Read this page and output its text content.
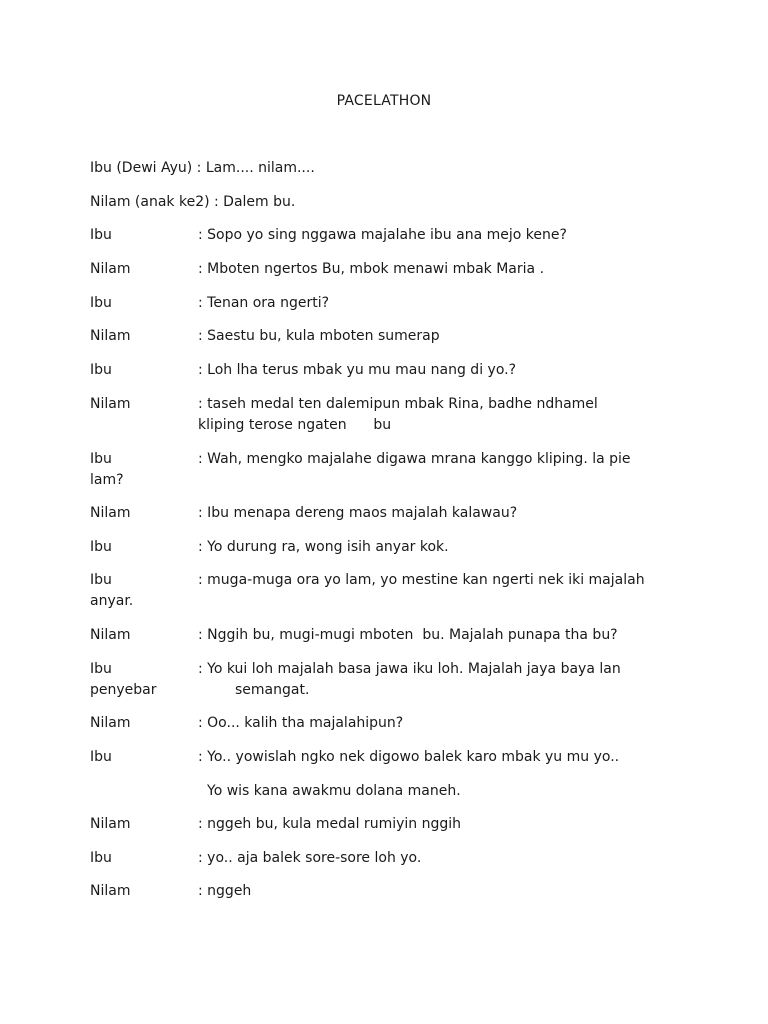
PACELATHON
Ibu (Dewi Ayu) : Lam.... nilam....
Nilam (anak ke2) : Dalem bu.
Ibu	: Sopo yo sing nggawa majalahe ibu ana mejo kene?
Nilam	: Mboten ngertos Bu, mbok menawi mbak Maria .
Ibu	: Tenan ora ngerti?
Nilam	: Saestu bu, kula mboten sumerap
Ibu	: Loh lha terus mbak yu mu mau nang di yo.?
Nilam	: taseh medal ten dalemipun mbak Rina, badhe ndhamel
kliping terose ngaten      bu
Ibu	: Wah, mengko majalahe digawa mrana kanggo kliping. la pie
lam?
Nilam	: Ibu menapa dereng maos majalah kalawau?
Ibu	: Yo durung ra, wong isih anyar kok.
Ibu	: muga-muga ora yo lam, yo mestine kan ngerti nek iki majalah
anyar.
Nilam	: Nggih bu, mugi-mugi mboten  bu. Majalah punapa tha bu?
Ibu	: Yo kui loh majalah basa jawa iku loh. Majalah jaya baya lan
penyebar	semangat.
Nilam	: Oo... kalih tha majalahipun?
Ibu	: Yo.. yowislah ngko nek digowo balek karo mbak yu mu yo..
Yo wis kana awakmu dolana maneh.
Nilam	: nggeh bu, kula medal rumiyin nggih
Ibu	: yo.. aja balek sore-sore loh yo.
Nilam	: nggeh
